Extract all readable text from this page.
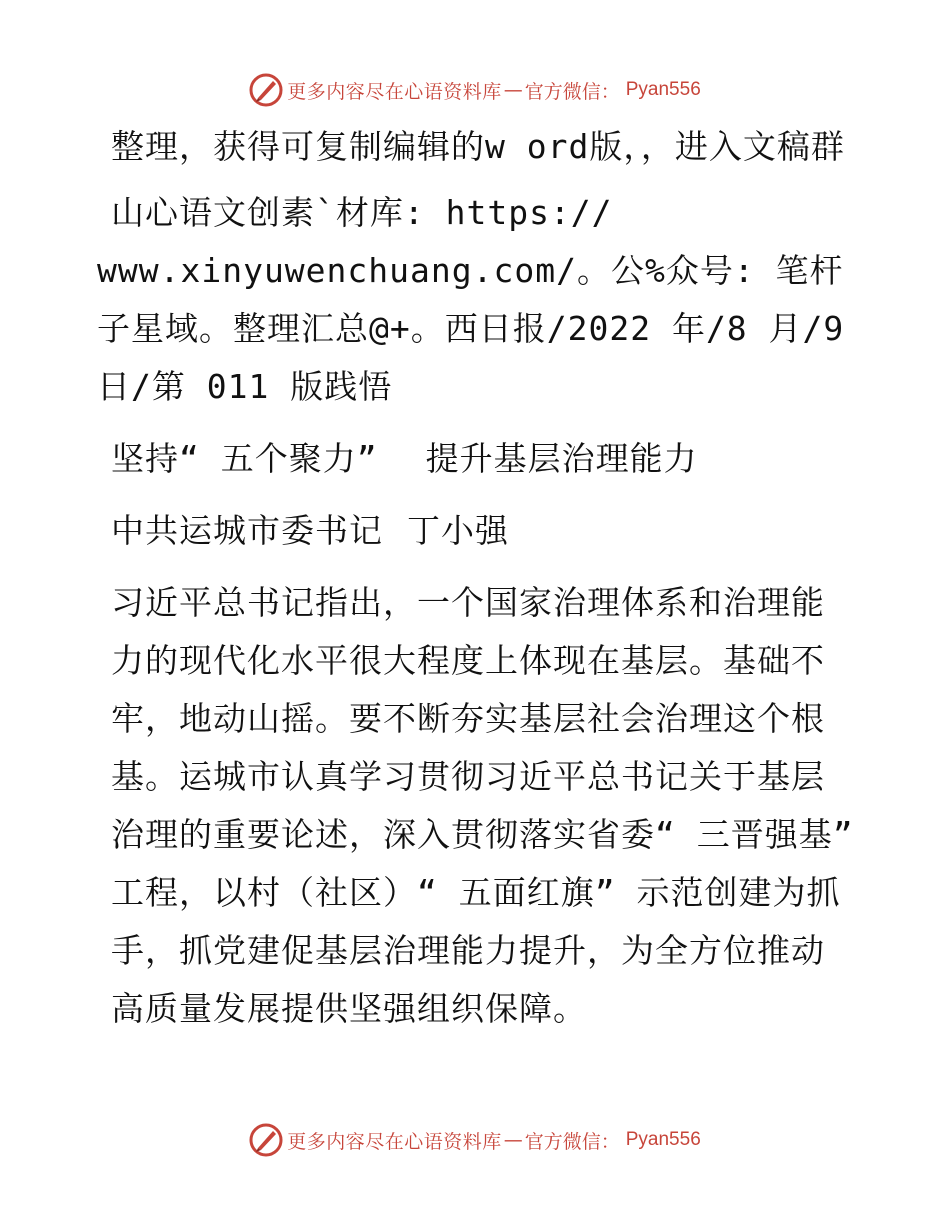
更多内容尽在心语资料库 — 官方微信： Pyan556

整理，获得可复制编辑的w ord版，，进入文稿群

山心语文创素`材库: https://

www.xinyuwenchuang.com/。公%众号: 笔杆子星域。整理汇总@+。西日报/2022 年/8 月/9 日/第 011 版践悟

坚持“ 五个聚力” 提升基层治理能力

中共运城市委书记 丁小强

习近平总书记指出，一个国家治理体系和治理能力的现代化水平很大程度上体现在基层。基础不牢，地动山摇。要不断夯实基层社会治理这个根基。运城市认真学习贯彻习近平总书记关于基层治理的重要论述，深入贯彻落实省委“ 三晋强基” 工程，以村（社区）“ 五面红旗” 示范创建为抓手，抓党建促基层治理能力提升，为全方位推动高质量发展提供坚强组织保障。

更多内容尽在心语资料库 — 官方微信： Pyan556
